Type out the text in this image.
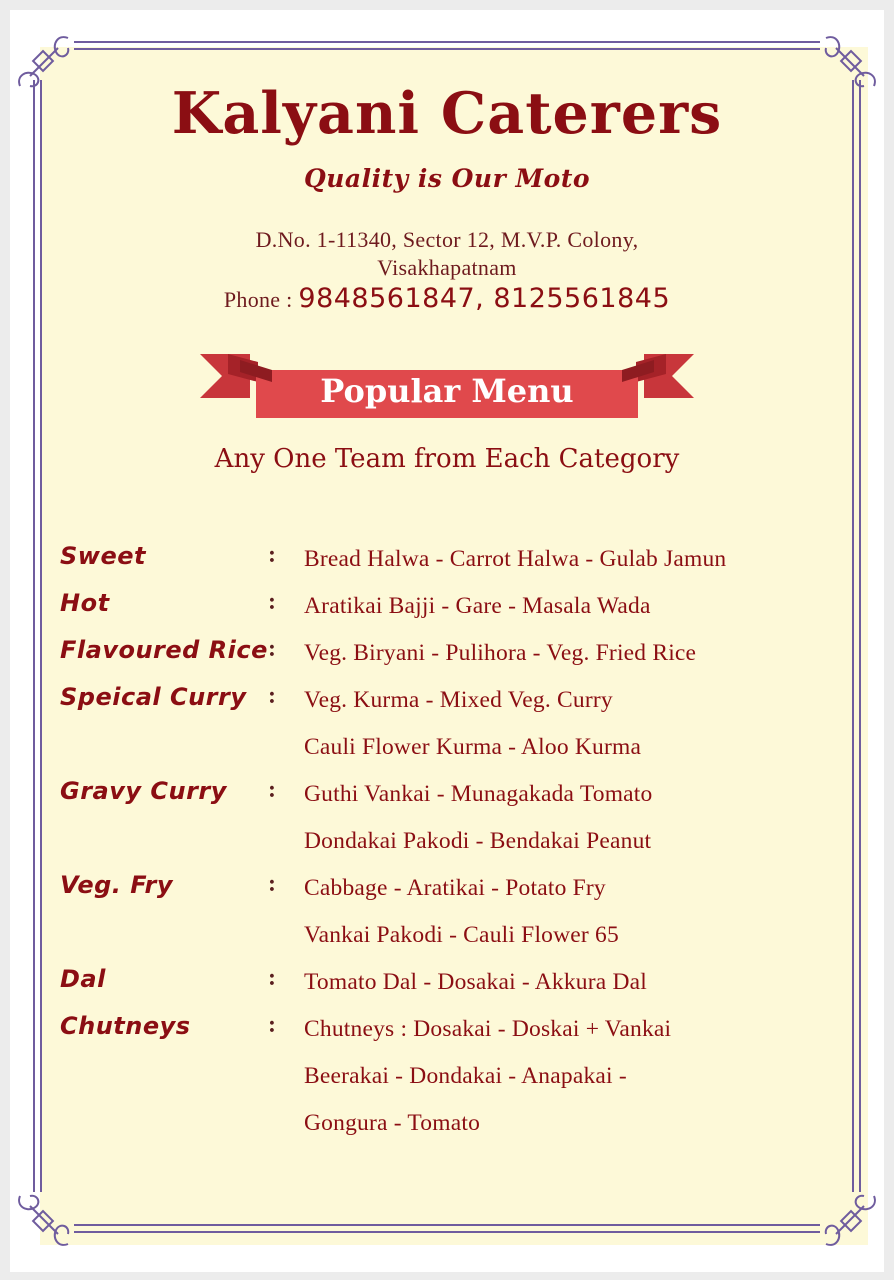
Kalyani Caterers
Quality is Our Moto
D.No. 1-11340, Sector 12, M.V.P. Colony,
Visakhapatnam
Phone : 9848561847, 8125561845
Popular Menu
Any One Team from Each Category
Sweet	: Bread Halwa - Carrot Halwa - Gulab Jamun
Hot	: Aratikai Bajji - Gare - Masala Wada
Flavoured Rice : Veg. Biryani - Pulihora - Veg. Fried Rice
Speical Curry : Veg. Kurma - Mixed Veg. Curry
Cauli Flower Kurma - Aloo Kurma
Gravy Curry : Guthi Vankai - Munagakada Tomato
Dondakai Pakodi - Bendakai Peanut
Veg. Fry	: Cabbage - Aratikai - Potato Fry
Vankai Pakodi - Cauli Flower 65
Dal	: Tomato Dal - Dosakai - Akkura Dal
Chutneys	: Chutneys : Dosakai - Doskai + Vankai
Beerakai - Dondakai - Anapakai -
Gongura - Tomato
